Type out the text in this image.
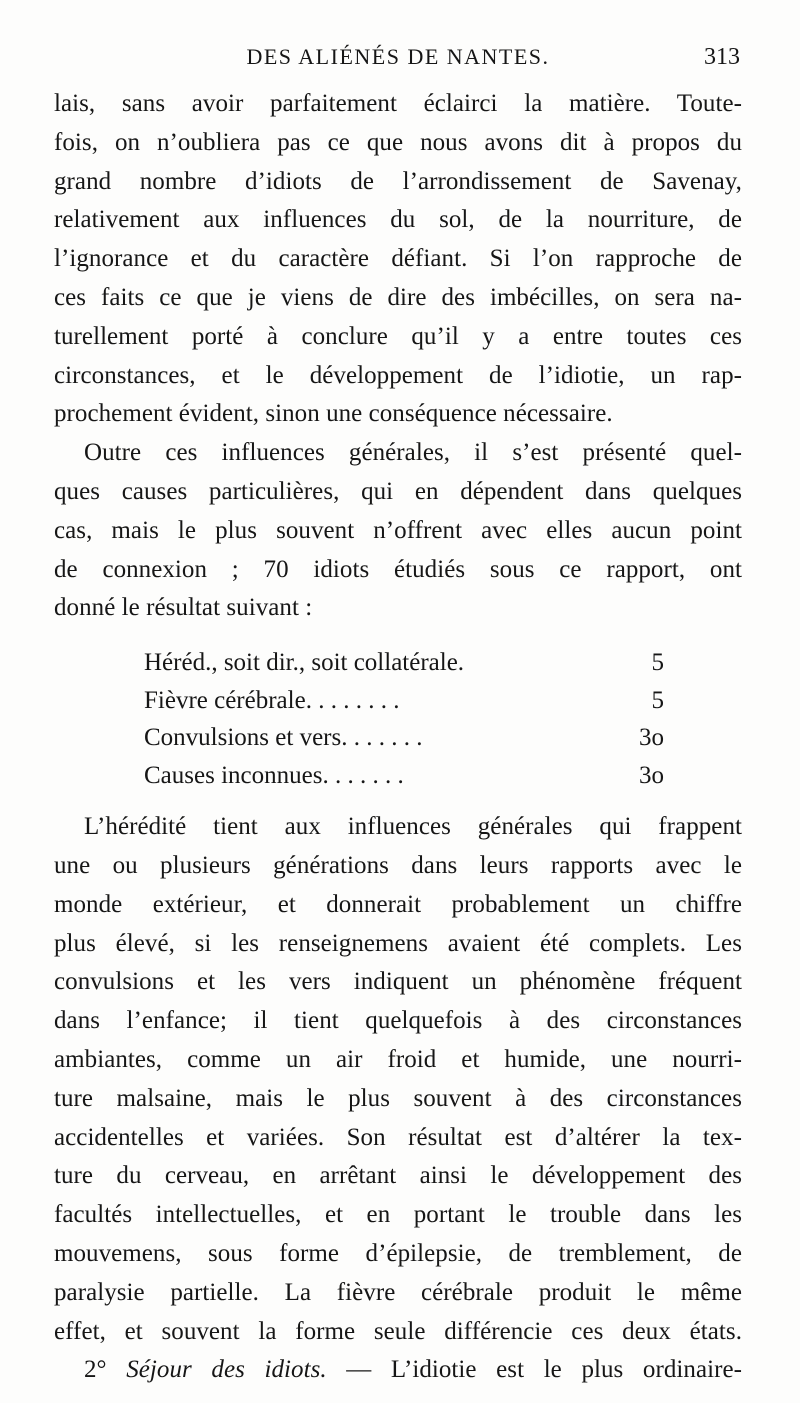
DES ALIÉNÉS DE NANTES.	313
lais, sans avoir parfaitement éclairci la matière. Toute-
fois, on n’oubliera pas ce que nous avons dit à propos du
grand nombre d’idiots de l’arrondissement de Savenay,
relativement aux influences du sol, de la nourriture, de
l’ignorance et du caractère défiant. Si l’on rapproche de
ces faits ce que je viens de dire des imbécilles, on sera na-
turellement porté à conclure qu’il y a entre toutes ces
circonstances, et le développement de l’idiotie, un rap-
prochement évident, sinon une conséquence nécessaire.
Outre ces influences générales, il s’est présenté quel-
ques causes particulières, qui en dépendent dans quelques
cas, mais le plus souvent n’offrent avec elles aucun point
de connexion ; 70 idiots étudiés sous ce rapport, ont
donné le résultat suivant :
Héréd., soit dir., soit collatérale.	5
Fièvre cérébrale. . . . . . . .	5
Convulsions et vers. . . . . . .	3o
Causes inconnues. . . . . . .	3o
L’hérédité tient aux influences générales qui frappent
une ou plusieurs générations dans leurs rapports avec le
monde extérieur, et donnerait probablement un chiffre
plus élevé, si les renseignemens avaient été complets. Les
convulsions et les vers indiquent un phénomène fréquent
dans l’enfance; il tient quelquefois à des circonstances
ambiantes, comme un air froid et humide, une nourri-
ture malsaine, mais le plus souvent à des circonstances
accidentelles et variées. Son résultat est d’altérer la tex-
ture du cerveau, en arrêtant ainsi le développement des
facultés intellectuelles, et en portant le trouble dans les
mouvemens, sous forme d’épilepsie, de tremblement, de
paralysie partielle. La fièvre cérébrale produit le même
effet, et souvent la forme seule différencie ces deux états.
2° Séjour des idiots. — L’idiotie est le plus ordinaire-
